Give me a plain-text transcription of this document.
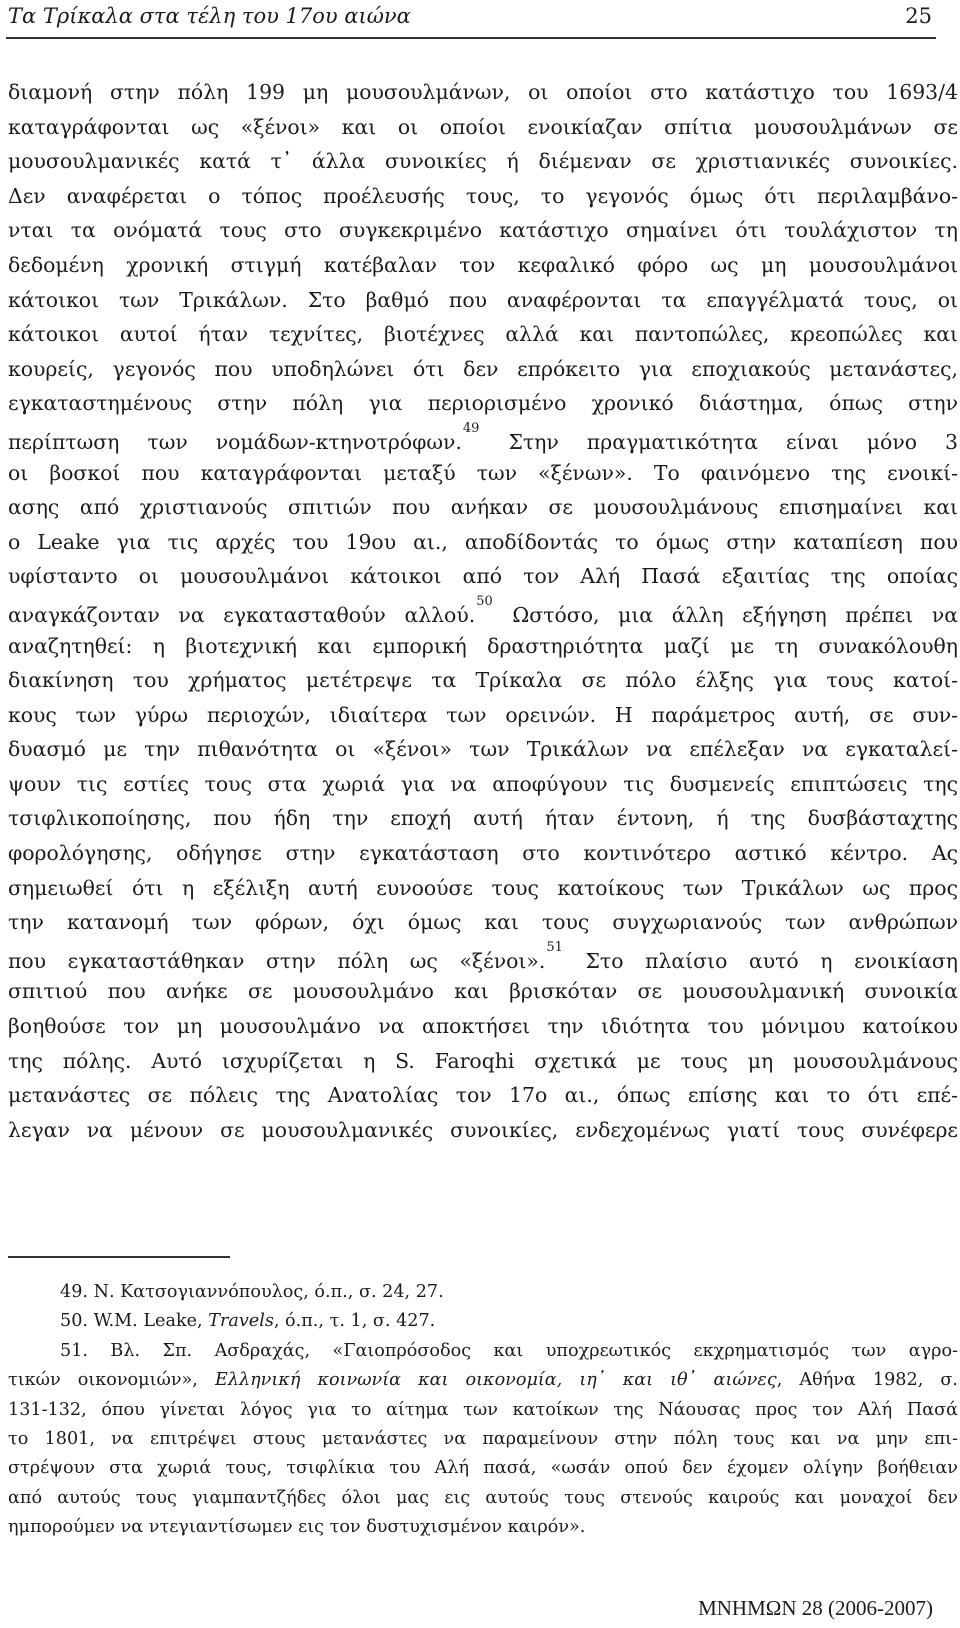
Τα Τρίκαλα στα τέλη του 17ου αιώνα	25
διαμονή στην πόλη 199 μη μουσουλμάνων, οι οποίοι στο κατάστιχο του 1693/4
καταγράφονται ως «ξένοι» και οι οποίοι ενοικίαζαν σπίτια μουσουλμάνων σε
μουσουλμανικές κατά τ᾽ άλλα συνοικίες ή διέμεναν σε χριστιανικές συνοικίες.
Δεν αναφέρεται ο τόπος προέλευσής τους, το γεγονός όμως ότι περιλαμβάνο-
νται τα ονόματά τους στο συγκεκριμένο κατάστιχο σημαίνει ότι τουλάχιστον τη
δεδομένη χρονική στιγμή κατέβαλαν τον κεφαλικό φόρο ως μη μουσουλμάνοι
κάτοικοι των Τρικάλων. Στο βαθμό που αναφέρονται τα επαγγέλματά τους, οι
κάτοικοι αυτοί ήταν τεχνίτες, βιοτέχνες αλλά και παντοπώλες, κρεοπώλες και
κουρείς, γεγονός που υποδηλώνει ότι δεν επρόκειτο για εποχιακούς μετανάστες,
εγκαταστημένους στην πόλη για περιορισμένο χρονικό διάστημα, όπως στην
περίπτωση των νομάδων-κτηνοτρόφων.$^{49}$ Στην πραγματικότητα είναι μόνο 3
οι βοσκοί που καταγράφονται μεταξύ των «ξένων». Το φαινόμενο της ενοικί-
ασης από χριστιανούς σπιτιών που ανήκαν σε μουσουλμάνους επισημαίνει και
ο Leake για τις αρχές του 19ου αι., αποδίδοντάς το όμως στην καταπίεση που
υφίσταντο οι μουσουλμάνοι κάτοικοι από τον Αλή Πασά εξαιτίας της οποίας
αναγκάζονταν να εγκατασταθούν αλλού.$^{50}$ Ωστόσο, μια άλλη εξήγηση πρέπει να
αναζητηθεί: η βιοτεχνική και εμπορική δραστηριότητα μαζί με τη συνακόλουθη
διακίνηση του χρήματος μετέτρεψε τα Τρίκαλα σε πόλο έλξης για τους κατοί-
κους των γύρω περιοχών, ιδιαίτερα των ορεινών. Η παράμετρος αυτή, σε συν-
δυασμό με την πιθανότητα οι «ξένοι» των Τρικάλων να επέλεξαν να εγκαταλεί-
ψουν τις εστίες τους στα χωριά για να αποφύγουν τις δυσμενείς επιπτώσεις της
τσιφλικοποίησης, που ήδη την εποχή αυτή ήταν έντονη, ή της δυσβάσταχτης
φορολόγησης, οδήγησε στην εγκατάσταση στο κοντινότερο αστικό κέντρο. Ας
σημειωθεί ότι η εξέλιξη αυτή ευνοούσε τους κατοίκους των Τρικάλων ως προς
την κατανομή των φόρων, όχι όμως και τους συγχωριανούς των ανθρώπων
που εγκαταστάθηκαν στην πόλη ως «ξένοι».$^{51}$ Στο πλαίσιο αυτό η ενοικίαση
σπιτιού που ανήκε σε μουσουλμάνο και βρισκόταν σε μουσουλμανική συνοικία
βοηθούσε τον μη μουσουλμάνο να αποκτήσει την ιδιότητα του μόνιμου κατοίκου
της πόλης. Αυτό ισχυρίζεται η S. Faroqhi σχετικά με τους μη μουσουλμάνους
μετανάστες σε πόλεις της Ανατολίας τον 17ο αι., όπως επίσης και το ότι επέ-
λεγαν να μένουν σε μουσουλμανικές συνοικίες, ενδεχομένως γιατί τους συνέφερε
49. Ν. Κατσογιαννόπουλος, ό.π., σ. 24, 27.
50. W.M. Leake, Travels, ό.π., τ. 1, σ. 427.
51. Βλ. Σπ. Ασδραχάς, «Γαιοπρόσοδος και υποχρεωτικός εκχρηματισμός των αγρο-
τικών οικονομιών», Ελληνική κοινωνία και οικονομία, ιη᾽ και ιθ᾽ αιώνες, Αθήνα 1982, σ.
131-132, όπου γίνεται λόγος για το αίτημα των κατοίκων της Νάουσας προς τον Αλή Πασά
το 1801, να επιτρέψει στους μετανάστες να παραμείνουν στην πόλη τους και να μην επι-
στρέψουν στα χωριά τους, τσιφλίκια του Αλή πασά, «ωσάν οπού δεν έχομεν ολίγην βοήθειαν
από αυτούς τους γιαμπαντζήδες όλοι μας εις αυτούς τους στενούς καιρούς και μοναχοί δεν
ημπορούμεν να ντεγιαντίσωμεν εις τον δυστυχισμένον καιρόν».
ΜΝΗΜΩΝ 28 (2006-2007)
